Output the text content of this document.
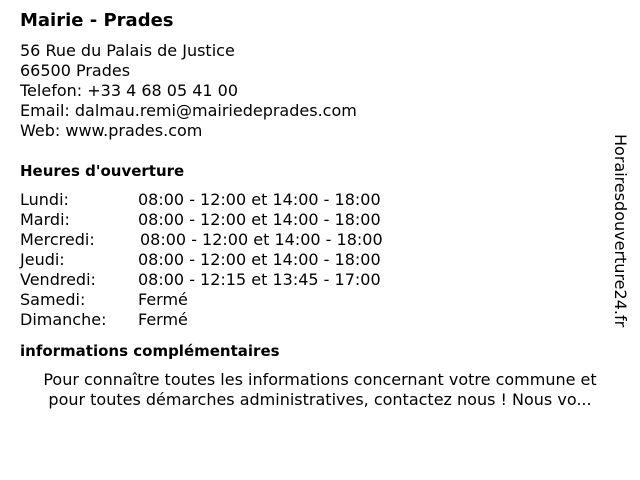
Mairie - Prades
56 Rue du Palais de Justice
66500 Prades
Telefon: +33 4 68 05 41 00
Email: dalmau.remi@mairiedeprades.com
Web: www.prades.com
Heures d'ouverture
Lundi:	08:00 - 12:00 et 14:00 - 18:00
Mardi:	08:00 - 12:00 et 14:00 - 18:00
Mercredi:	08:00 - 12:00 et 14:00 - 18:00
Jeudi:	08:00 - 12:00 et 14:00 - 18:00
Vendredi:	08:00 - 12:15 et 13:45 - 17:00
Samedi:	Fermé
Dimanche:	Fermé
informations complémentaires
Pour connaître toutes les informations concernant votre commune et
pour toutes démarches administratives, contactez nous ! Nous vo...
Horairesdouverture24.fr
